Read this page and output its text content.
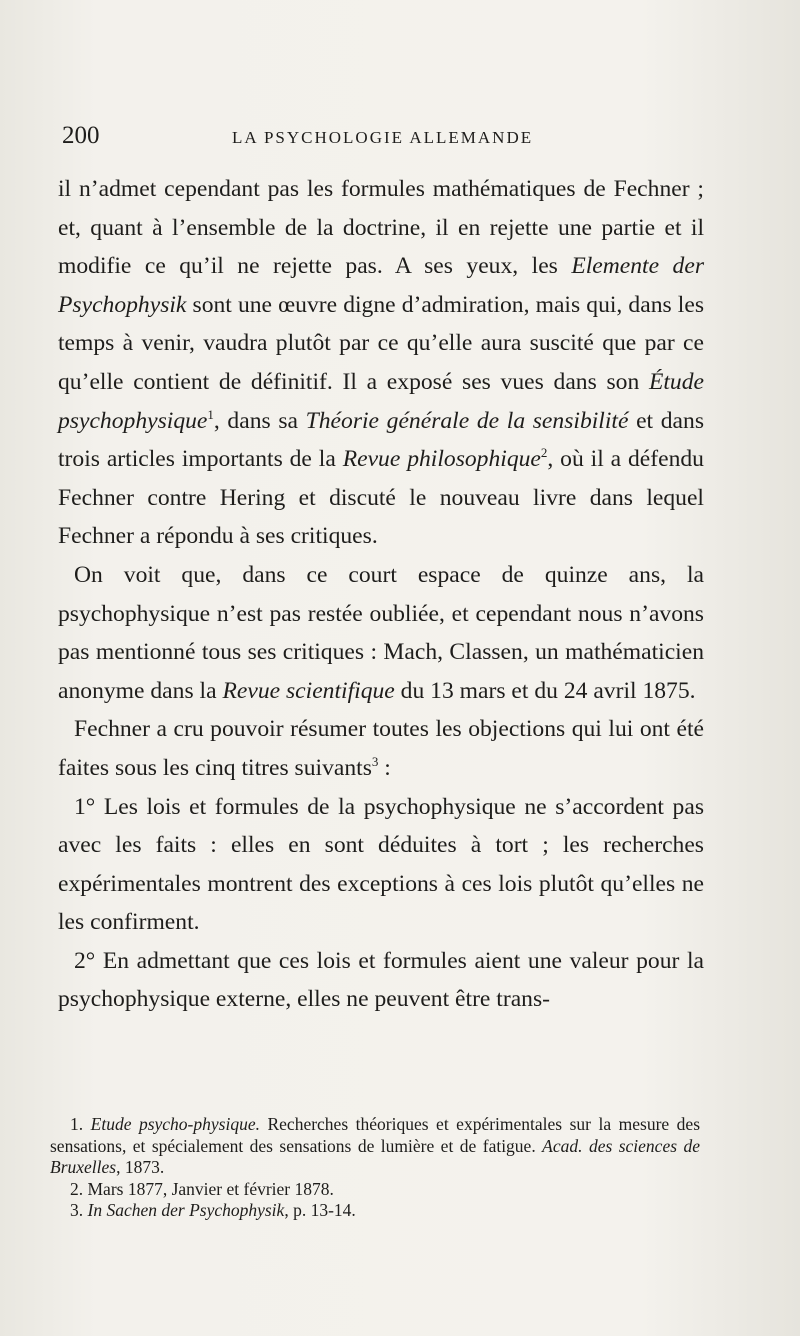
200	LA PSYCHOLOGIE ALLEMANDE

il n’admet cependant pas les formules mathématiques de Fechner ; et, quant à l’ensemble de la doctrine, il en rejette une partie et il modifie ce qu’il ne rejette pas. A ses yeux, les Elemente der Psychophysik sont une œuvre digne d’admiration, mais qui, dans les temps à venir, vaudra plutôt par ce qu’elle aura suscité que par ce qu’elle contient de définitif. Il a exposé ses vues dans son Étude psychophysique$^1$, dans sa Théorie générale de la sensibilité et dans trois articles importants de la Revue philosophique$^2$, où il a défendu Fechner contre Hering et discuté le nouveau livre dans lequel Fechner a répondu à ses critiques.

On voit que, dans ce court espace de quinze ans, la psychophysique n’est pas restée oubliée, et cependant nous n’avons pas mentionné tous ses critiques : Mach, Classen, un mathématicien anonyme dans la Revue scientifique du 13 mars et du 24 avril 1875.

Fechner a cru pouvoir résumer toutes les objections qui lui ont été faites sous les cinq titres suivants$^3$ :

1° Les lois et formules de la psychophysique ne s’accordent pas avec les faits : elles en sont déduites à tort ; les recherches expérimentales montrent des exceptions à ces lois plutôt qu’elles ne les confirment.

2° En admettant que ces lois et formules aient une valeur pour la psychophysique externe, elles ne peuvent être trans-

1. Etude psycho-physique. Recherches théoriques et expérimentales sur la mesure des sensations, et spécialement des sensations de lumière et de fatigue. Acad. des sciences de Bruxelles, 1873.

2. Mars 1877, Janvier et février 1878.

3. In Sachen der Psychophysik, p. 13-14.
